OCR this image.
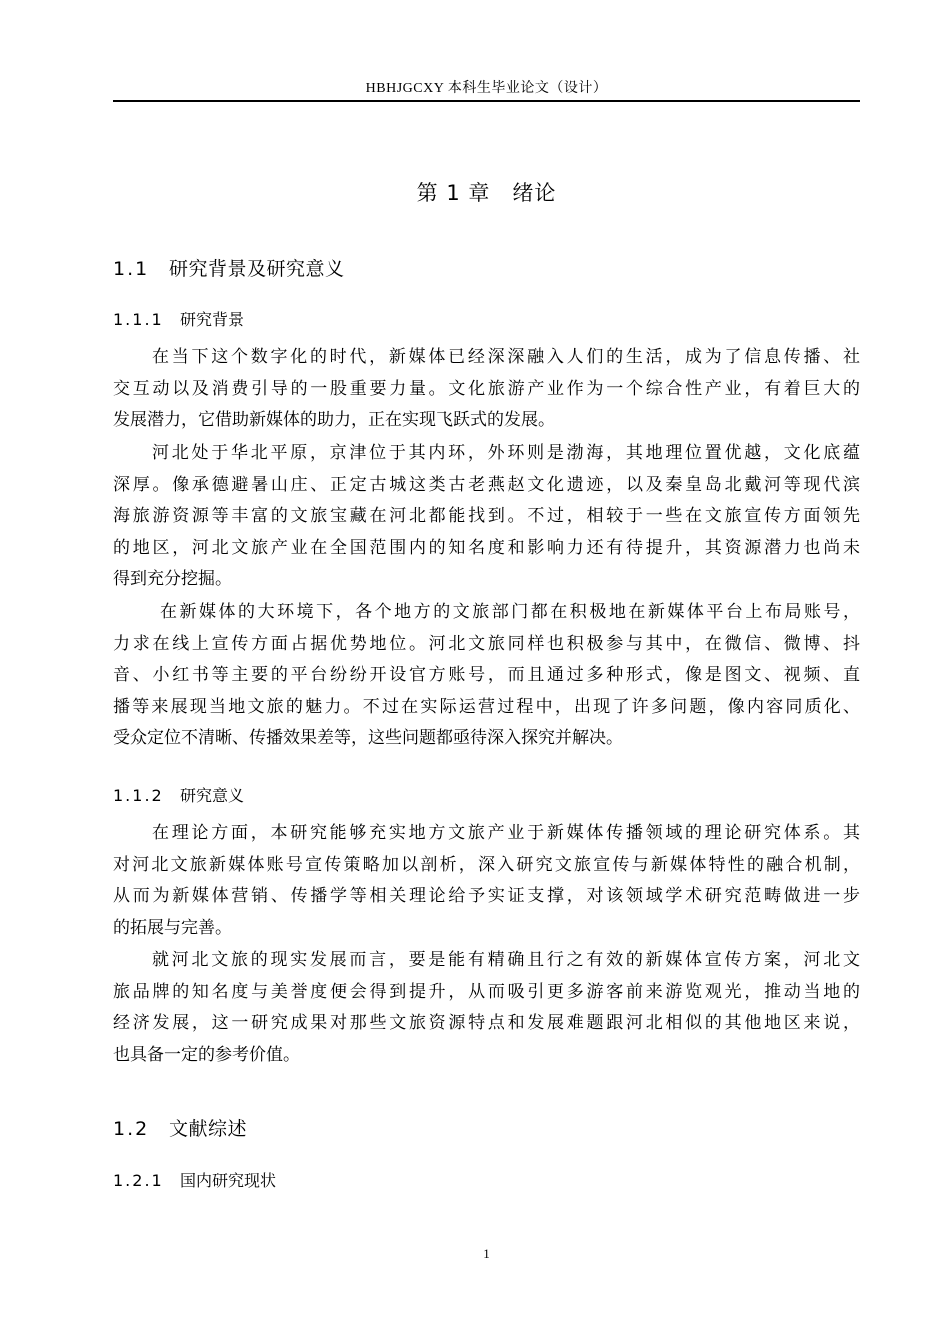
HBHJGCXY 本科生毕业论文（设计）
第 1 章 绪论
1.1 研究背景及研究意义
1.1.1 研究背景
在当下这个数字化的时代，新媒体已经深深融入人们的生活，成为了信息传播、社
交互动以及消费引导的一股重要力量。文化旅游产业作为一个综合性产业，有着巨大的
发展潜力，它借助新媒体的助力，正在实现飞跃式的发展。
河北处于华北平原，京津位于其内环，外环则是渤海，其地理位置优越，文化底蕴
深厚。像承德避暑山庄、正定古城这类古老燕赵文化遗迹，以及秦皇岛北戴河等现代滨
海旅游资源等丰富的文旅宝藏在河北都能找到。不过，相较于一些在文旅宣传方面领先
的地区，河北文旅产业在全国范围内的知名度和影响力还有待提升，其资源潜力也尚未
得到充分挖掘。
在新媒体的大环境下，各个地方的文旅部门都在积极地在新媒体平台上布局账号，
力求在线上宣传方面占据优势地位。河北文旅同样也积极参与其中，在微信、微博、抖
音、小红书等主要的平台纷纷开设官方账号，而且通过多种形式，像是图文、视频、直
播等来展现当地文旅的魅力。不过在实际运营过程中，出现了许多问题，像内容同质化、
受众定位不清晰、传播效果差等，这些问题都亟待深入探究并解决。
1.1.2 研究意义
在理论方面，本研究能够充实地方文旅产业于新媒体传播领域的理论研究体系。其
对河北文旅新媒体账号宣传策略加以剖析，深入研究文旅宣传与新媒体特性的融合机制，
从而为新媒体营销、传播学等相关理论给予实证支撑，对该领域学术研究范畴做进一步
的拓展与完善。
就河北文旅的现实发展而言，要是能有精确且行之有效的新媒体宣传方案，河北文
旅品牌的知名度与美誉度便会得到提升，从而吸引更多游客前来游览观光，推动当地的
经济发展，这一研究成果对那些文旅资源特点和发展难题跟河北相似的其他地区来说，
也具备一定的参考价值。
1.2 文献综述
1.2.1 国内研究现状
1
